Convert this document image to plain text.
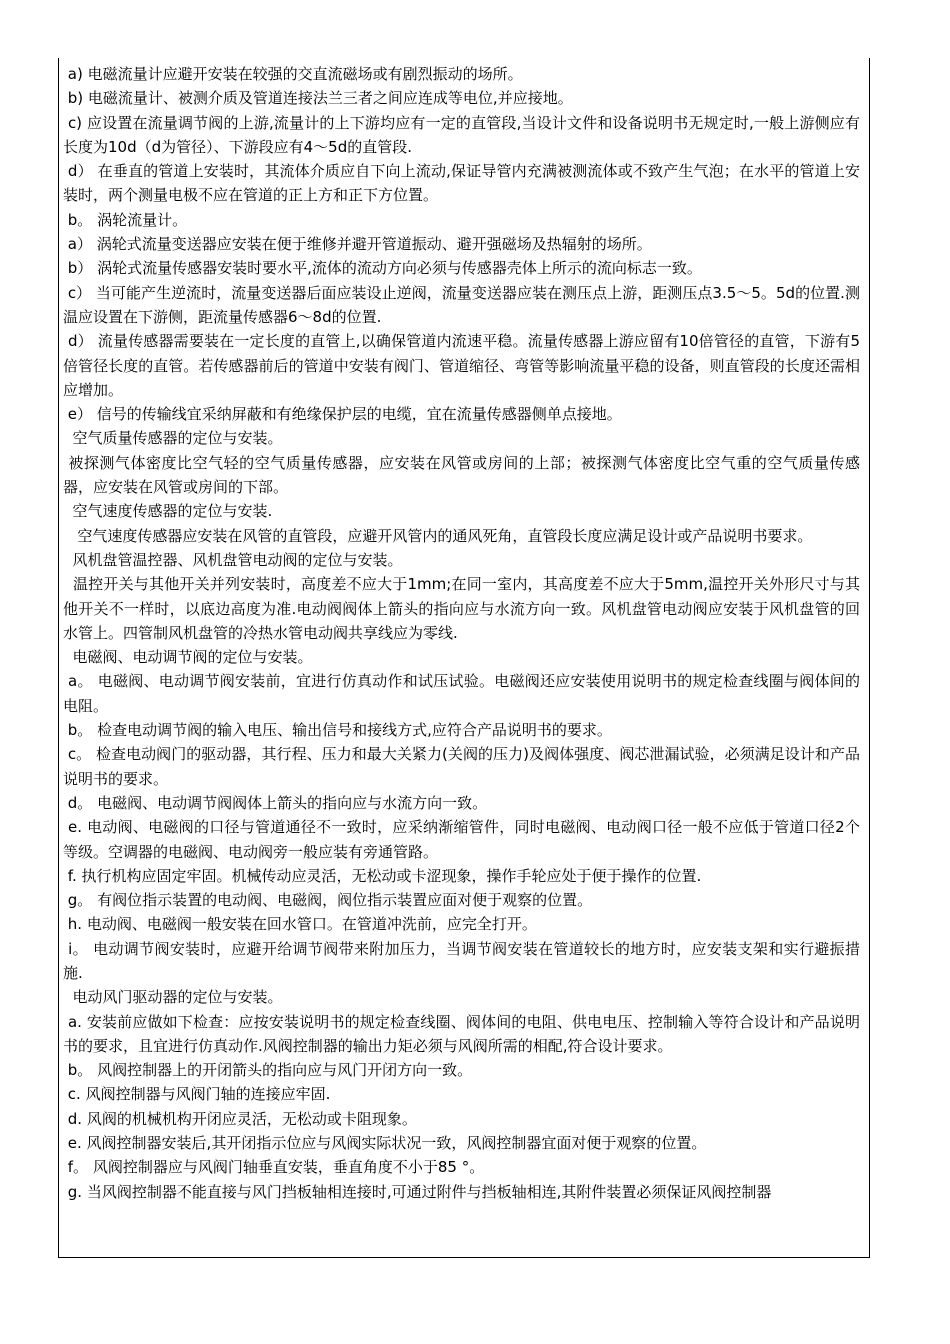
a) 电磁流量计应避开安装在较强的交直流磁场或有剧烈振动的场所。

b) 电磁流量计、被测介质及管道连接法兰三者之间应连成等电位,并应接地。

c) 应设置在流量调节阀的上游,流量计的上下游均应有一定的直管段,当设计文件和设备说明书无规定时,一般上游侧应有长度为10d（d为管径）、下游段应有4～5d的直管段.

d） 在垂直的管道上安装时，其流体介质应自下向上流动,保证导管内充满被测流体或不致产生气泡；在水平的管道上安装时，两个测量电极不应在管道的正上方和正下方位置。

b。 涡轮流量计。

a） 涡轮式流量变送器应安装在便于维修并避开管道振动、避开强磁场及热辐射的场所。

b） 涡轮式流量传感器安装时要水平,流体的流动方向必须与传感器壳体上所示的流向标志一致。

c） 当可能产生逆流时，流量变送器后面应装设止逆阀，流量变送器应装在测压点上游，距测压点3.5～5。5d的位置.测温应设置在下游侧，距流量传感器6～8d的位置.

d） 流量传感器需要装在一定长度的直管上,以确保管道内流速平稳。流量传感器上游应留有10倍管径的直管，下游有5倍管径长度的直管。若传感器前后的管道中安装有阀门、管道缩径、弯管等影响流量平稳的设备，则直管段的长度还需相应增加。

e） 信号的传输线宜采纳屏蔽和有绝缘保护层的电缆，宜在流量传感器侧单点接地。

空气质量传感器的定位与安装。

被探测气体密度比空气轻的空气质量传感器，应安装在风管或房间的上部；被探测气体密度比空气重的空气质量传感器，应安装在风管或房间的下部。

空气速度传感器的定位与安装.

空气速度传感器应安装在风管的直管段，应避开风管内的通风死角，直管段长度应满足设计或产品说明书要求。

风机盘管温控器、风机盘管电动阀的定位与安装。

温控开关与其他开关并列安装时，高度差不应大于1mm;在同一室内，其高度差不应大于5mm,温控开关外形尺寸与其他开关不一样时，以底边高度为准.电动阀阀体上箭头的指向应与水流方向一致。风机盘管电动阀应安装于风机盘管的回水管上。四管制风机盘管的冷热水管电动阀共享线应为零线.

电磁阀、电动调节阀的定位与安装。

a。 电磁阀、电动调节阀安装前，宜进行仿真动作和试压试验。电磁阀还应安装使用说明书的规定检查线圈与阀体间的电阻。

b。 检查电动调节阀的输入电压、输出信号和接线方式,应符合产品说明书的要求。

c。 检查电动阀门的驱动器，其行程、压力和最大关紧力(关阀的压力)及阀体强度、阀芯泄漏试验，必须满足设计和产品说明书的要求。

d。 电磁阀、电动调节阀阀体上箭头的指向应与水流方向一致。

e. 电动阀、电磁阀的口径与管道通径不一致时，应采纳渐缩管件，同时电磁阀、电动阀口径一般不应低于管道口径2个等级。空调器的电磁阀、电动阀旁一般应装有旁通管路。

f. 执行机构应固定牢固。机械传动应灵活，无松动或卡涩现象，操作手轮应处于便于操作的位置.

g。 有阀位指示装置的电动阀、电磁阀，阀位指示装置应面对便于观察的位置。

h. 电动阀、电磁阀一般安装在回水管口。在管道冲洗前，应完全打开。

i。 电动调节阀安装时，应避开给调节阀带来附加压力，当调节阀安装在管道较长的地方时，应安装支架和实行避振措施.

电动风门驱动器的定位与安装。

a. 安装前应做如下检查：应按安装说明书的规定检查线圈、阀体间的电阻、供电电压、控制输入等符合设计和产品说明书的要求，且宜进行仿真动作.风阀控制器的输出力矩必须与风阀所需的相配,符合设计要求。

b。 风阀控制器上的开闭箭头的指向应与风门开闭方向一致。

c. 风阀控制器与风阀门轴的连接应牢固.

d. 风阀的机械机构开闭应灵活，无松动或卡阻现象。

e. 风阀控制器安装后,其开闭指示位应与风阀实际状况一致，风阀控制器宜面对便于观察的位置。

f。 风阀控制器应与风阀门轴垂直安装，垂直角度不小于85 °。

g. 当风阀控制器不能直接与风门挡板轴相连接时,可通过附件与挡板轴相连,其附件装置必须保证风阀控制器
